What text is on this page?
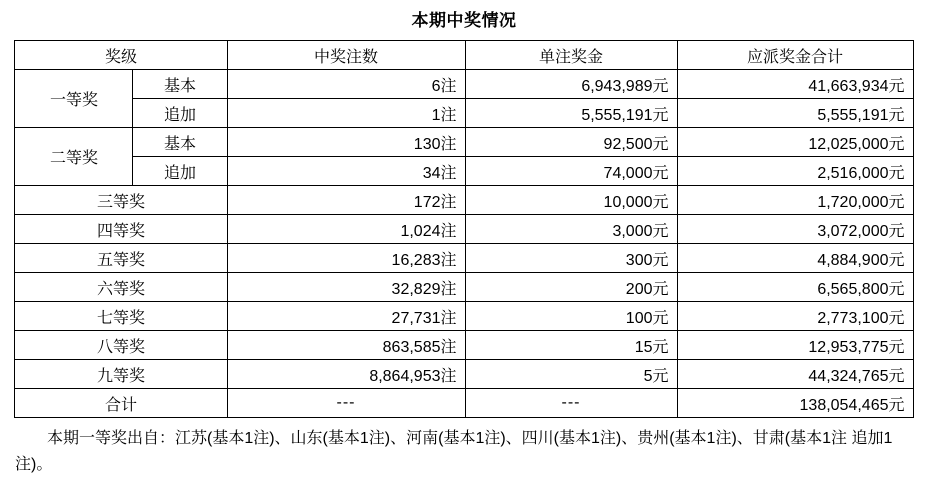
本期中奖情况
奖级		中奖注数	单注奖金	应派奖金合计
一等奖	基本	6注	6,943,989元	41,663,934元
	追加	1注	5,555,191元	5,555,191元
二等奖	基本	130注	92,500元	12,025,000元
	追加	34注	74,000元	2,516,000元
三等奖		172注	10,000元	1,720,000元
四等奖		1,024注	3,000元	3,072,000元
五等奖		16,283注	300元	4,884,900元
六等奖		32,829注	200元	6,565,800元
七等奖		27,731注	100元	2,773,100元
八等奖		863,585注	15元	12,953,775元
九等奖		8,864,953注	5元	44,324,765元
合计		---	---	138,054,465元
本期一等奖出自：江苏(基本1注)、山东(基本1注)、河南(基本1注)、四川(基本1注)、贵州(基本1注)、甘肃(基本1注 追加1注)。
